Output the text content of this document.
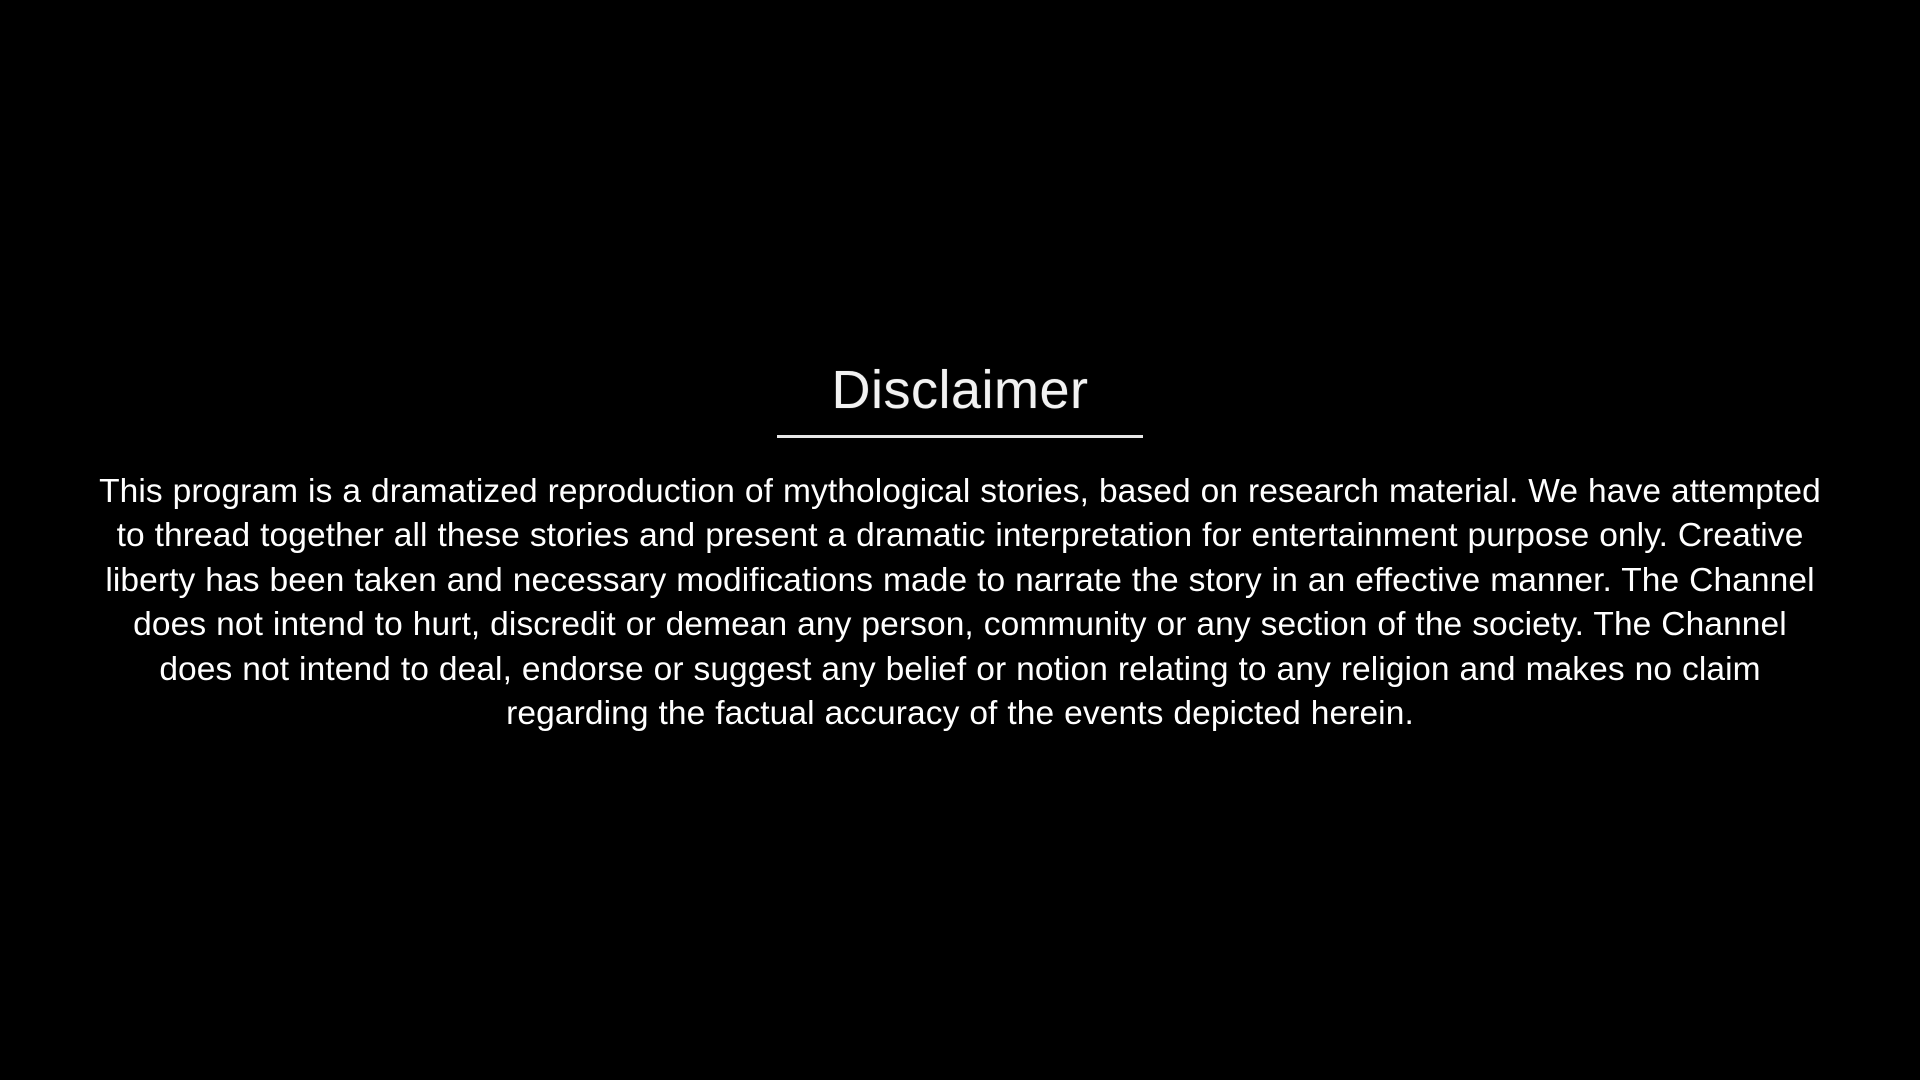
Disclaimer

This program is a dramatized reproduction of mythological stories, based on research material. We have attempted to thread together all these stories and present a dramatic interpretation for entertainment purpose only. Creative liberty has been taken and necessary modifications made to narrate the story in an effective manner. The Channel does not intend to hurt, discredit or demean any person, community or any section of the society. The Channel does not intend to deal, endorse or suggest any belief or notion relating to any religion and makes no claim regarding the factual accuracy of the events depicted herein.
